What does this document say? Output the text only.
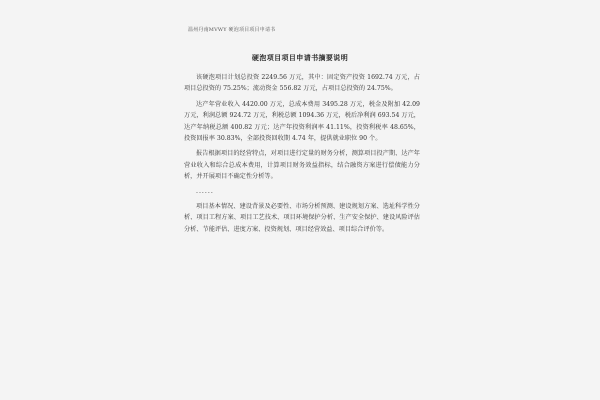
温州丹南MVWY 硬泡项目项目申请书
硬泡项目项目申请书摘要说明

该硬泡项目计划总投资 2249.56 万元，其中：固定资产投资 1692.74 万元，占项目总投资的 75.25%；流动资金 556.82 万元，占项目总投资的 24.75%。

达产年营业收入 4420.00 万元，总成本费用 3495.28 万元，税金及附加 42.09 万元，利润总额 924.72 万元，利税总额 1094.36 万元，税后净利润 693.54 万元，达产年纳税总额 400.82 万元；达产年投资利润率 41.11%，投资利税率 48.65%，投资回报率 30.83%，全部投资回收期 4.74 年，提供就业职位 90 个。

报告根据项目的经营特点，对项目进行定量的财务分析，测算项目投产期、达产年营业收入和综合总成本费用，计算项目财务效益指标，结合融资方案进行偿债能力分析，并开展项目不确定性分析等。

......

项目基本情况、建设背景及必要性、市场分析预测、建设规划方案、选址科学性分析、项目工程方案、项目工艺技术、项目环境保护分析、生产安全保护、建设风险评估分析、节能评估、进度方案、投资规划、项目经营效益、项目综合评价等。
